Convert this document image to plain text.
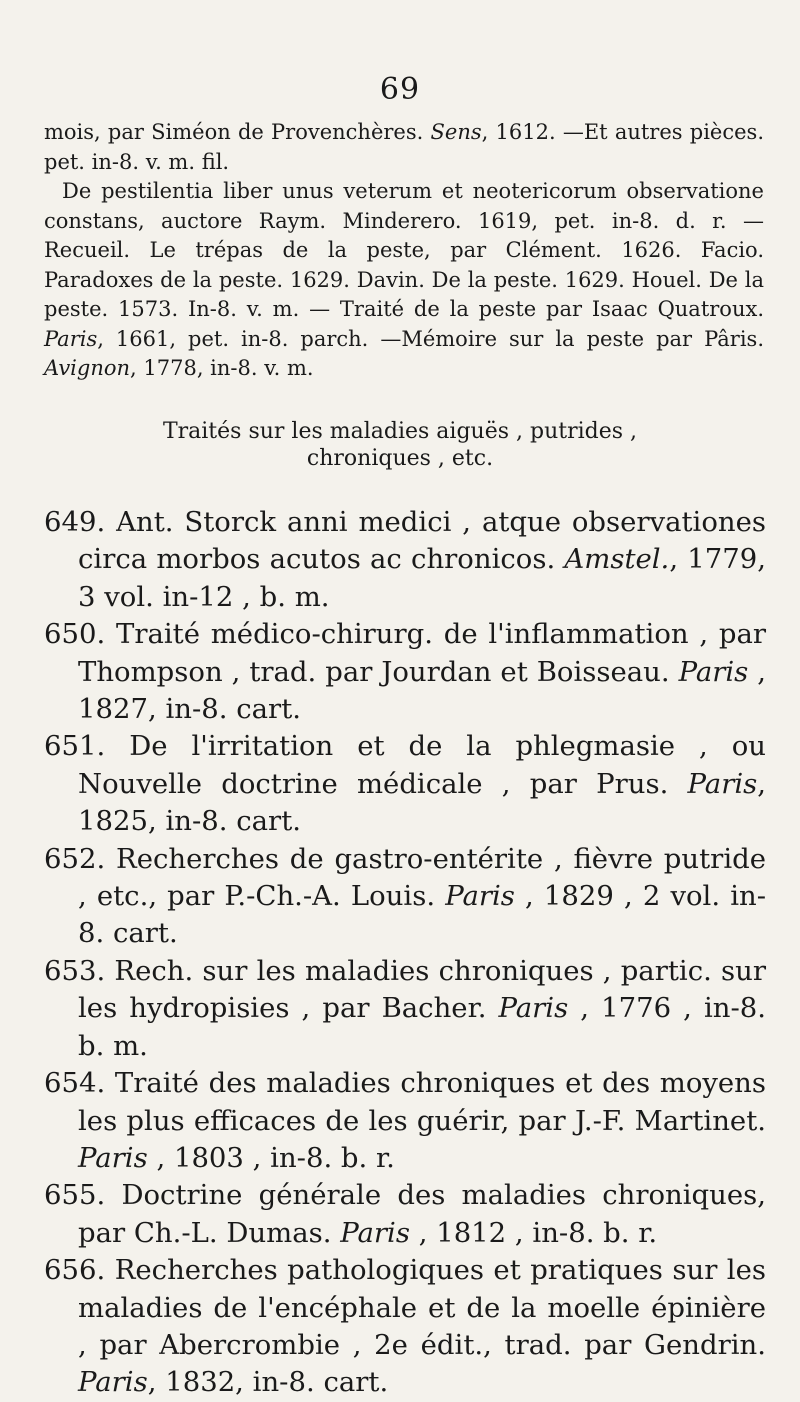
69

mois, par Siméon de Provenchères. Sens, 1612. —Et autres pièces. pet. in-8. v. m. fil.

De pestilentia liber unus veterum et neotericorum observatione constans, auctore Raym. Minderero. 1619, pet. in-8. d. r. — Recueil. Le trépas de la peste, par Clément. 1626. Facio. Paradoxes de la peste. 1629. Davin. De la peste. 1629. Houel. De la peste. 1573. In-8. v. m. — Traité de la peste par Isaac Quatroux. Paris, 1661, pet. in-8. parch. —Mémoire sur la peste par Pâris. Avignon, 1778, in-8. v. m.

Traités sur les maladies aiguës , putrides ,
chroniques , etc.

649. Ant. Storck anni medici , atque observationes circa morbos acutos ac chronicos. Amstel., 1779, 3 vol. in-12 , b. m.

650. Traité médico-chirurg. de l'inflammation , par Thompson , trad. par Jourdan et Boisseau. Paris , 1827, in-8. cart.

651. De l'irritation et de la phlegmasie , ou Nouvelle doctrine médicale , par Prus. Paris, 1825, in-8. cart.

652. Recherches de gastro-entérite , fièvre putride , etc., par P.-Ch.-A. Louis. Paris , 1829 , 2 vol. in-8. cart.

653. Rech. sur les maladies chroniques , partic. sur les hydropisies , par Bacher. Paris , 1776 , in-8. b. m.

654. Traité des maladies chroniques et des moyens les plus efficaces de les guérir, par J.-F. Martinet. Paris , 1803 , in-8. b. r.

655. Doctrine générale des maladies chroniques, par Ch.-L. Dumas. Paris , 1812 , in-8. b. r.

656. Recherches pathologiques et pratiques sur les maladies de l'encéphale et de la moelle épinière , par Abercrombie , 2e édit., trad. par Gendrin. Paris, 1832, in-8. cart.
